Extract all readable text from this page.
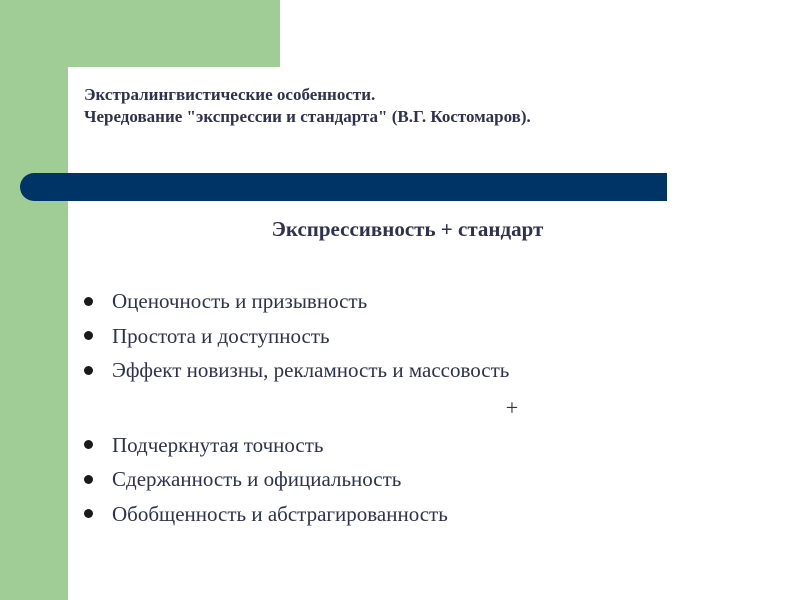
Экстралингвистические особенности.
Чередование "экспрессии и стандарта" (В.Г. Костомаров).
Экспрессивность + стандарт
Оценочность и призывность
Простота и доступность
Эффект новизны, рекламность и массовость
+
Подчеркнутая точность
Сдержанность и официальность
Обобщенность и абстрагированность
